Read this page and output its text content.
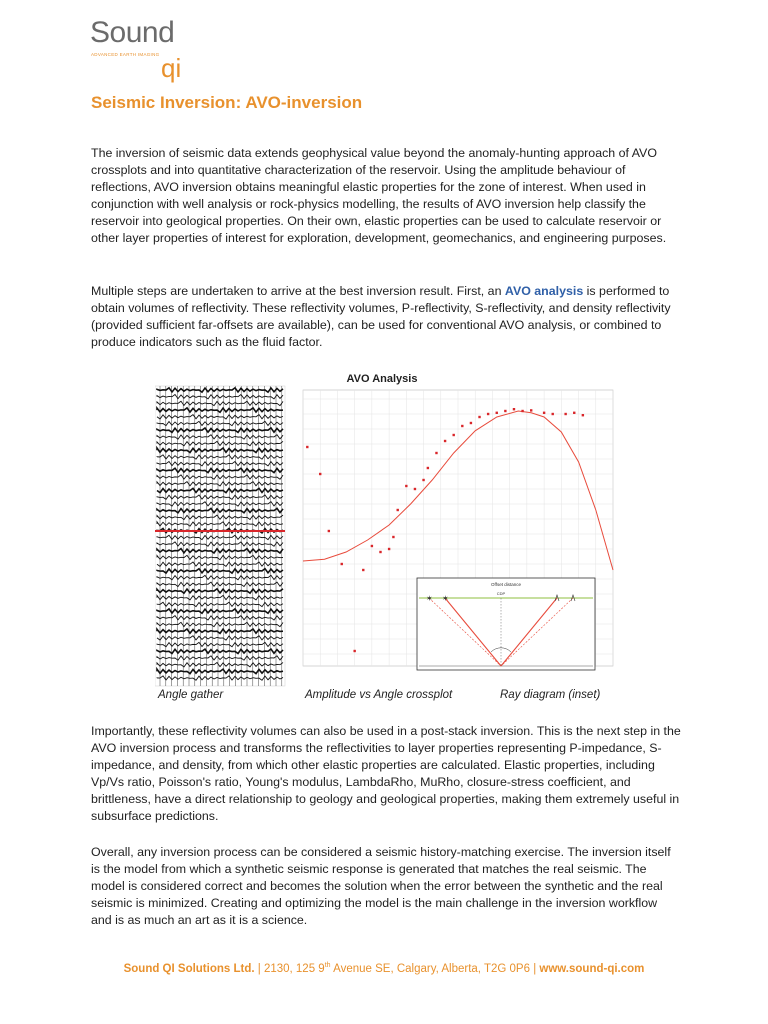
Sound
ADVANCED EARTH IMAGING qi
Seismic Inversion: AVO-inversion

The inversion of seismic data extends geophysical value beyond the anomaly-hunting approach of AVO crossplots and into quantitative characterization of the reservoir. Using the amplitude behaviour of reflections, AVO inversion obtains meaningful elastic properties for the zone of interest. When used in conjunction with well analysis or rock-physics modelling, the results of AVO inversion help classify the reservoir into geological properties. On their own, elastic properties can be used to calculate reservoir or other layer properties of interest for exploration, development, geomechanics, and engineering purposes.

Multiple steps are undertaken to arrive at the best inversion result. First, an AVO analysis is performed to obtain volumes of reflectivity. These reflectivity volumes, P-reflectivity, S-reflectivity, and density reflectivity (provided sufficient far-offsets are available), can be used for conventional AVO analysis, or combined to produce indicators such as the fluid factor.

AVO Analysis
Offset distance
CDP
✶ ✶
Angle gather	Amplitude vs Angle crossplot	Ray diagram (inset)

Importantly, these reflectivity volumes can also be used in a post-stack inversion. This is the next step in the AVO inversion process and transforms the reflectivities to layer properties representing P-impedance, S-impedance, and density, from which other elastic properties are calculated. Elastic properties, including Vp/Vs ratio, Poisson's ratio, Young's modulus, LambdaRho, MuRho, closure-stress coefficient, and brittleness, have a direct relationship to geology and geological properties, making them extremely useful in subsurface predictions.

Overall, any inversion process can be considered a seismic history-matching exercise. The inversion itself is the model from which a synthetic seismic response is generated that matches the real seismic. The model is considered correct and becomes the solution when the error between the synthetic and the real seismic is minimized. Creating and optimizing the model is the main challenge in the inversion workflow and is as much an art as it is a science.

Sound QI Solutions Ltd. | 2130, 125 9th Avenue SE, Calgary, Alberta, T2G 0P6 | www.sound-qi.com
